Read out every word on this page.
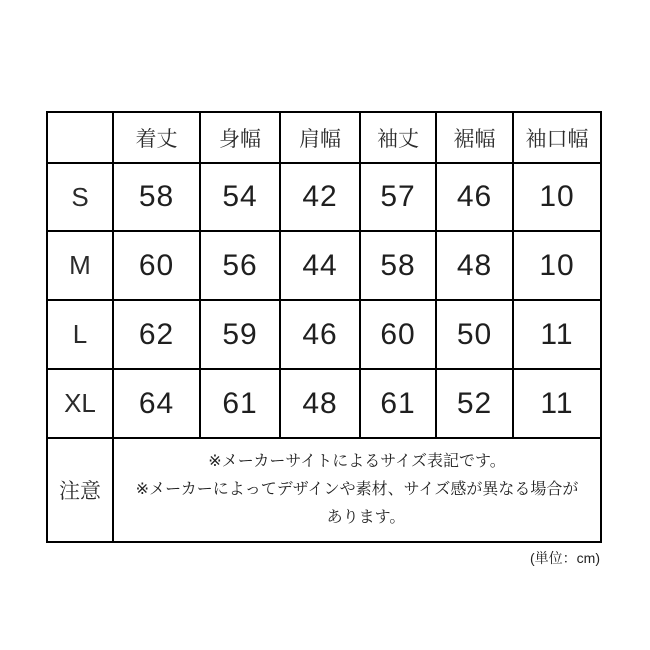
	着丈	身幅	肩幅	袖丈	裾幅	袖口幅
S	58	54	42	57	46	10
M	60	56	44	58	48	10
L	62	59	46	60	50	11
XL	64	61	48	61	52	11
注意	※メーカーサイトによるサイズ表記です。
※メーカーによってデザインや素材、サイズ感が異なる場合が
あります。					
(単位：cm)
